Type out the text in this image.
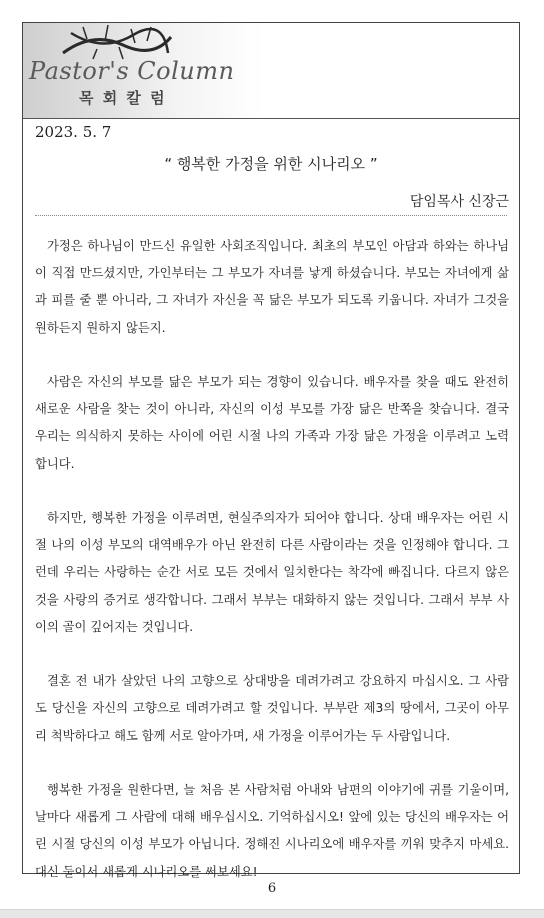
Pastor's Column
목 회 칼 럼
2023. 5. 7
“ 행복한 가정을 위한 시나리오 ”
담임목사 신장근

가정은 하나님이 만드신 유일한 사회조직입니다. 최초의 부모인 아담과 하와는 하나님이 직접 만드셨지만, 가인부터는 그 부모가 자녀를 낳게 하셨습니다. 부모는 자녀에게 삶과 피를 줄 뿐 아니라, 그 자녀가 자신을 꼭 닮은 부모가 되도록 키웁니다. 자녀가 그것을 원하든지 원하지 않든지.

사람은 자신의 부모를 닮은 부모가 되는 경향이 있습니다. 배우자를 찾을 때도 완전히 새로운 사람을 찾는 것이 아니라, 자신의 이성 부모를 가장 닮은 반쪽을 찾습니다. 결국 우리는 의식하지 못하는 사이에 어린 시절 나의 가족과 가장 닮은 가정을 이루려고 노력합니다.

하지만, 행복한 가정을 이루려면, 현실주의자가 되어야 합니다. 상대 배우자는 어린 시절 나의 이성 부모의 대역배우가 아닌 완전히 다른 사람이라는 것을 인정해야 합니다. 그런데 우리는 사랑하는 순간 서로 모든 것에서 일치한다는 착각에 빠집니다. 다르지 않은 것을 사랑의 증거로 생각합니다. 그래서 부부는 대화하지 않는 것입니다. 그래서 부부 사이의 골이 깊어지는 것입니다.

결혼 전 내가 살았던 나의 고향으로 상대방을 데려가려고 강요하지 마십시오. 그 사람도 당신을 자신의 고향으로 데려가려고 할 것입니다. 부부란 제3의 땅에서, 그곳이 아무리 척박하다고 해도 함께 서로 알아가며, 새 가정을 이루어가는 두 사람입니다.

행복한 가정을 원한다면, 늘 처음 본 사람처럼 아내와 남편의 이야기에 귀를 기울이며, 날마다 새롭게 그 사람에 대해 배우십시오. 기억하십시오! 앞에 있는 당신의 배우자는 어린 시절 당신의 이성 부모가 아닙니다. 정해진 시나리오에 배우자를 끼워 맞추지 마세요. 대신 둘이서 새롭게 시나리오를 써보세요!

6
